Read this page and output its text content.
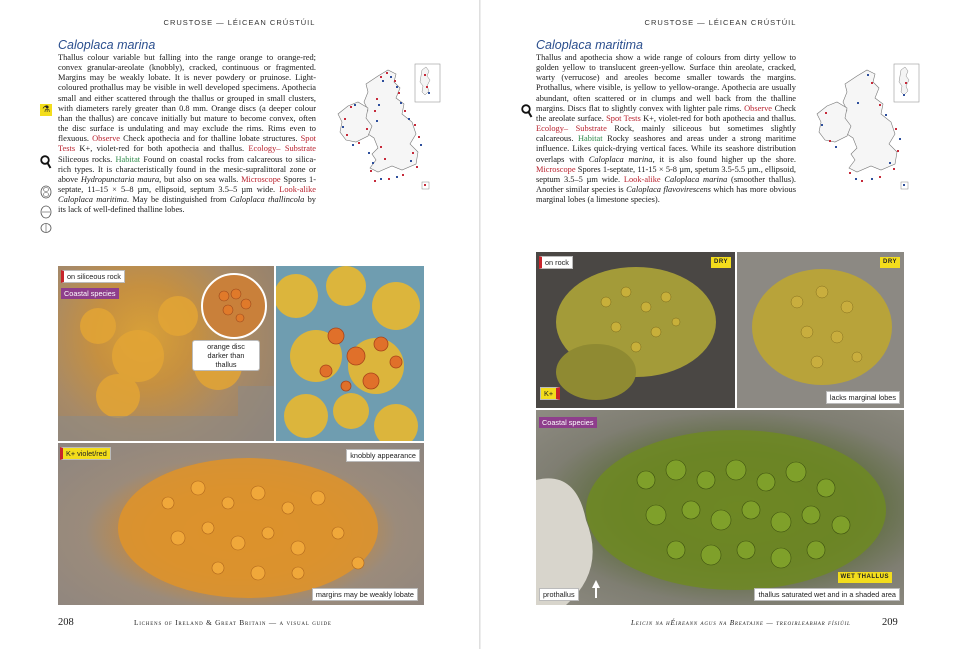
CRUSTOSE — LÉICEAN CRÚSTÚIL
Caloplaca marina
Thallus colour variable but falling into the range orange to orange-red; convex granular-areolate (knobbly), cracked, continuous or fragmented. Margins may be weakly lobate. It is never powdery or pruinose. Light-coloured prothallus may be visible in well developed specimens. Apothecia small and either scattered through the thallus or grouped in small clusters, with diameters rarely greater than 0.8 mm. Orange discs (a deeper colour than the thallus) are concave initially but mature to become convex, often the disc surface is undulating and may exclude the rims. Rims even to flexuous. Observe Check apothecia and for thalline lobate structures. Spot Tests K+, violet-red for both apothecia and thallus. Ecology– Substrate Siliceous rocks. Habitat Found on coastal rocks from calcareous to silica-rich types. It is characteristically found in the mesic-supralittoral zone or above Hydropunctaria maura, but also on sea walls. Microscope Spores 1-septate, 11–15 × 5–8 µm, ellipsoid, septum 3.5–5 µm wide. Look-alike Caloplaca maritima. May be distinguished from Caloplaca thallincola by its lack of well-defined thalline lobes.
⚗
on siliceous rock
Coastal species
orange disc darker than thallus
K+ violet/red	knobbly appearance
margins may be weakly lobate
208	Lichens of Ireland & Great Britain — a visual guide
CRUSTOSE — LÉICEAN CRÚSTÚIL
Caloplaca maritima
Thallus and apothecia show a wide range of colours from dirty yellow to golden yellow to translucent green-yellow. Surface thin areolate, cracked, warty (verrucose) and areoles become smaller towards the margins. Prothallus, where visible, is yellow to yellow-orange. Apothecia are usually abundant, often scattered or in clumps and well back from the thalline margins. Discs flat to slightly convex with lighter pale rims. Observe Check the areolate surface. Spot Tests K+, violet-red for both apothecia and thallus. Ecology– Substrate Rock, mainly siliceous but sometimes slightly calcareous. Habitat Rocky seashores and areas under a strong maritime influence. Likes quick-drying vertical faces. While its seashore distribution overlaps with Caloplaca marina, it is also found higher up the shore. Microscope Spores 1-septate, 11-15 × 5-8 µm, spetum 3.5-5.5 µm., ellipsoid, septum 3.5–5 µm wide. Look-alike Caloplaca marina (smoother thallus). Another similar species is Caloplaca flavovirescens which has more obvious marginal lobes (a limestone species).
on rock	DRY
K+
DRY
lacks marginal lobes
Coastal species
WET THALLUS
prothallus	thallus saturated wet and in a shaded area
Leicin na hÉireann agus na Breataine — treoirleabhar físiúil	209
